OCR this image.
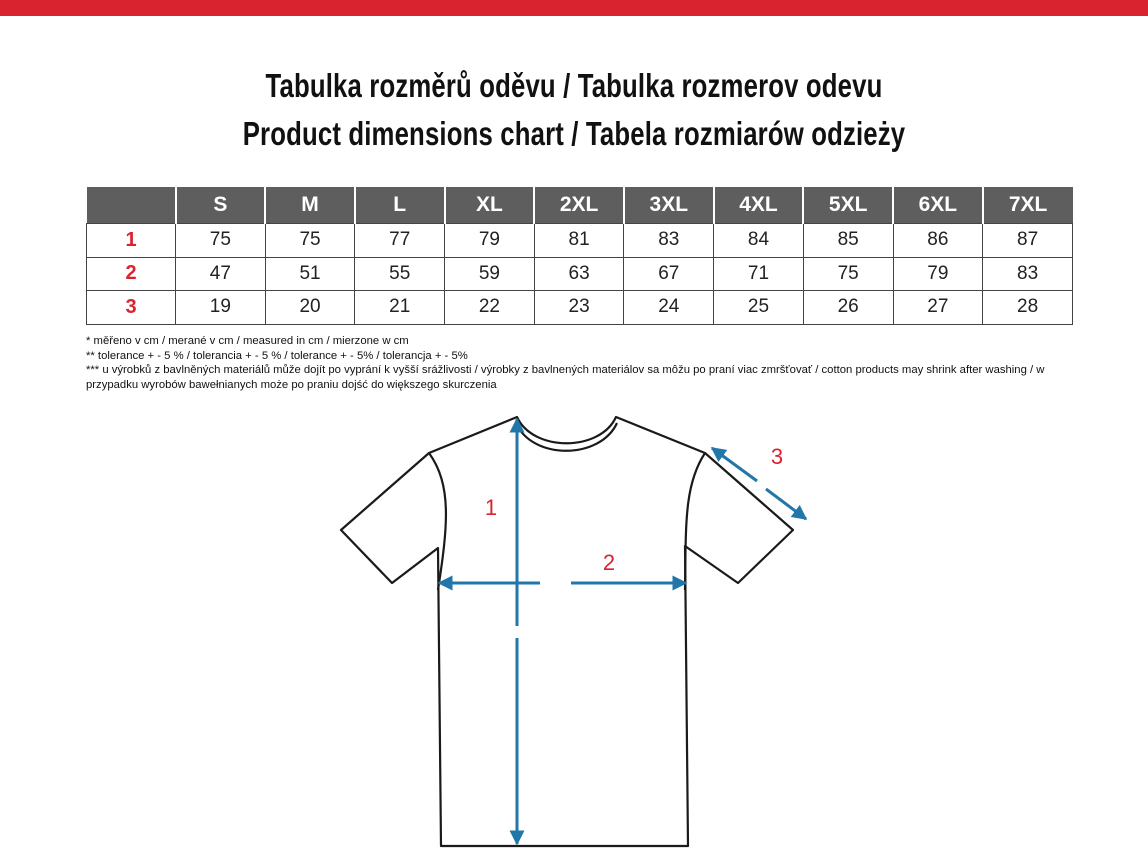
Tabulka rozměrů oděvu / Tabulka rozmerov odevu
Product dimensions chart / Tabela rozmiarów odzieży
	S	M	L	XL	2XL	3XL	4XL	5XL	6XL	7XL
1	75	75	77	79	81	83	84	85	86	87
2	47	51	55	59	63	67	71	75	79	83
3	19	20	21	22	23	24	25	26	27	28

* měřeno v cm / merané v cm / measured in cm / mierzone w cm

** tolerance + - 5 % / tolerancia + - 5 % / tolerance + - 5% / tolerancja + - 5%

*** u výrobků z bavlněných materiálů může dojít po vyprání k vyšší srážlivosti / výrobky z bavlnených materiálov sa môžu po praní viac zmršťovať / cotton products may shrink after washing / w przypadku wyrobów bawełnianych może po praniu dojść do większego skurczenia

1
2
3
